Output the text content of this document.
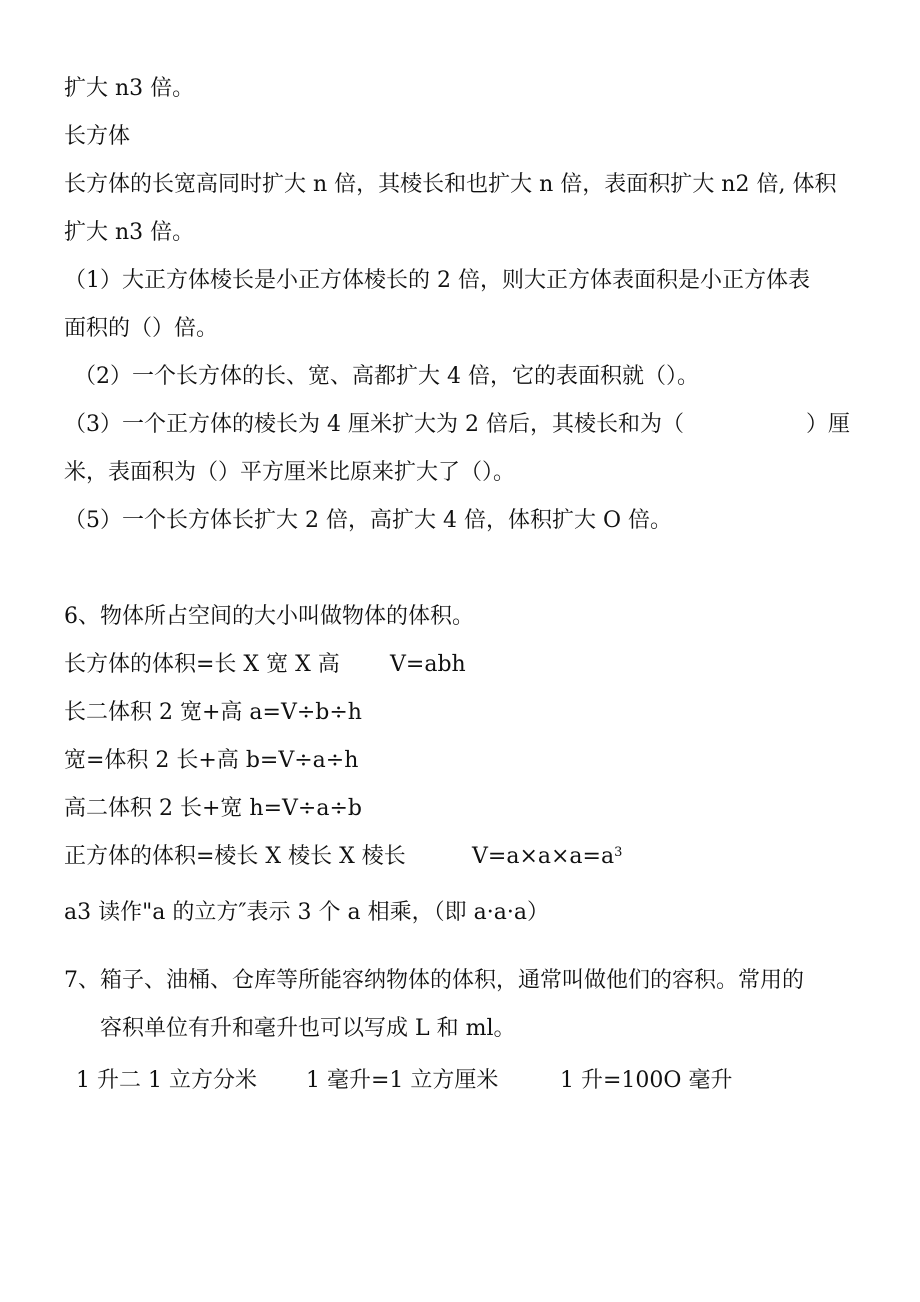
扩大 n3 倍。
长方体
长方体的长宽高同时扩大 n 倍，其棱长和也扩大 n 倍，表面积扩大 n2 倍, 体积
扩大 n3 倍。
（1）大正方体棱长是小正方体棱长的 2 倍，则大正方体表面积是小正方体表
面积的（）倍。
（2）一个长方体的长、宽、高都扩大 4 倍，它的表面积就（）。
（3）一个正方体的棱长为 4 厘米扩大为 2 倍后，其棱长和为（	）厘
米，表面积为（）平方厘米比原来扩大了（）。
（5）一个长方体长扩大 2 倍，高扩大 4 倍，体积扩大 O 倍。
6、物体所占空间的大小叫做物体的体积。
长方体的体积=长 X 宽 X 高 V=abh
长二体积 2 宽+高 a=V÷b÷h
宽=体积 2 长+高 b=V÷a÷h
高二体积 2 长+宽 h=V÷a÷b
正方体的体积=棱长 X 棱长 X 棱长	$V=a\times a\times a=a^3$
a3 读作"a 的立方″表示 3 个 a 相乘，（即 a·a·a）
7、箱子、油桶、仓库等所能容纳物体的体积，通常叫做他们的容积。常用的
容积单位有升和毫升也可以写成 L 和 ml。
1 升二 1 立方分米 1 毫升=1 立方厘米	1 升=100O 毫升
